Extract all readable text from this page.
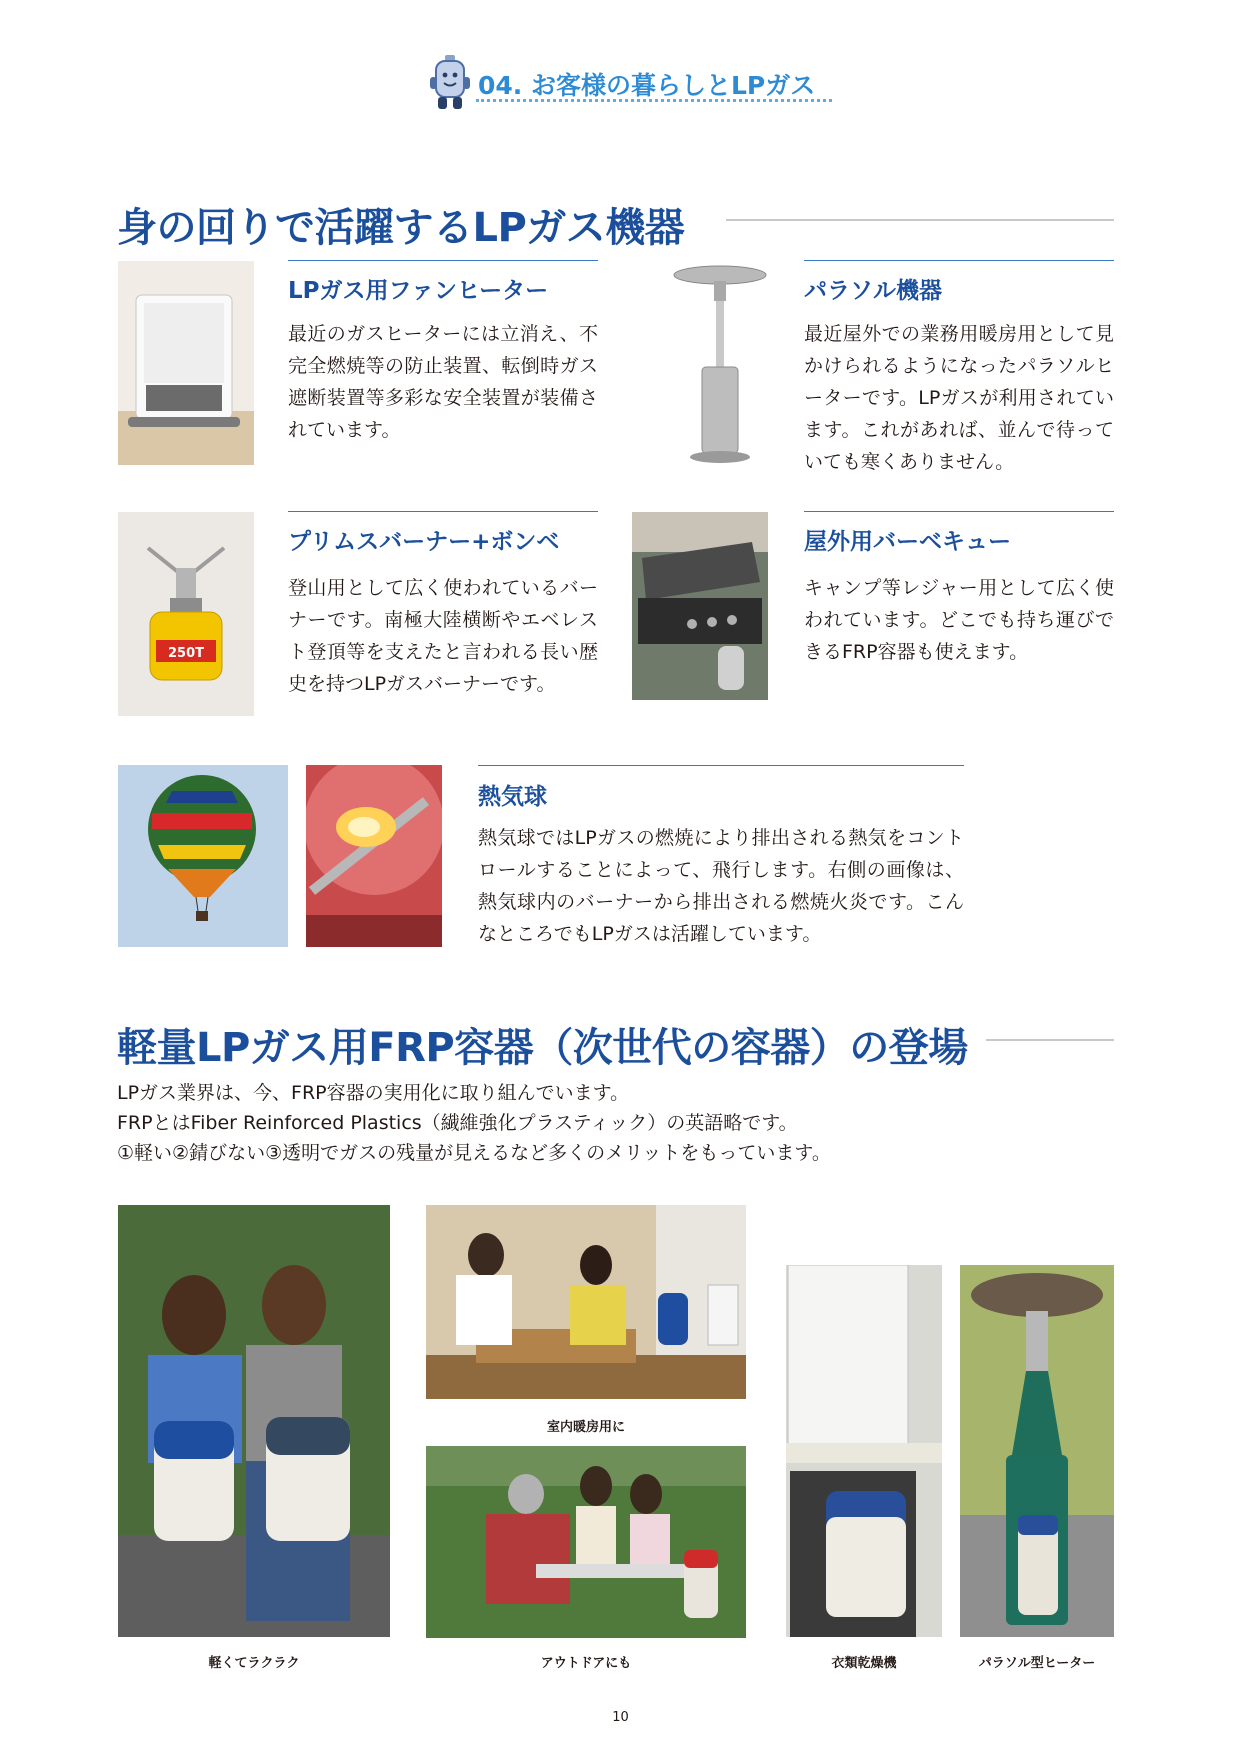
04. お客様の暮らしとLPガス
身の回りで活躍するLPガス機器
LPガス用ファンヒーター
最近のガスヒーターには立消え、不完全燃焼等の防止装置、転倒時ガス遮断装置等多彩な安全装置が装備されています。
パラソル機器
最近屋外での業務用暖房用として見かけられるようになったパラソルヒーターです。LPガスが利用されています。これがあれば、並んで待っていても寒くありません。
250T
プリムスバーナー+ボンベ
登山用として広く使われているバーナーです。南極大陸横断やエベレスト登頂等を支えたと言われる長い歴史を持つLPガスバーナーです。
屋外用バーベキュー
キャンプ等レジャー用として広く使われています。どこでも持ち運びできるFRP容器も使えます。
熱気球
熱気球ではLPガスの燃焼により排出される熱気をコントロールすることによって、飛行します。右側の画像は、熱気球内のバーナーから排出される燃焼火炎です。こんなところでもLPガスは活躍しています。
軽量LPガス用FRP容器（次世代の容器）の登場
LPガス業界は、今、FRP容器の実用化に取り組んでいます。
FRPとはFiber Reinforced Plastics（繊維強化プラスティック）の英語略です。
①軽い②錆びない③透明でガスの残量が見えるなど多くのメリットをもっています。
軽くてラクラク
室内暖房用に
アウトドアにも	衣類乾燥機	パラソル型ヒーター
10
